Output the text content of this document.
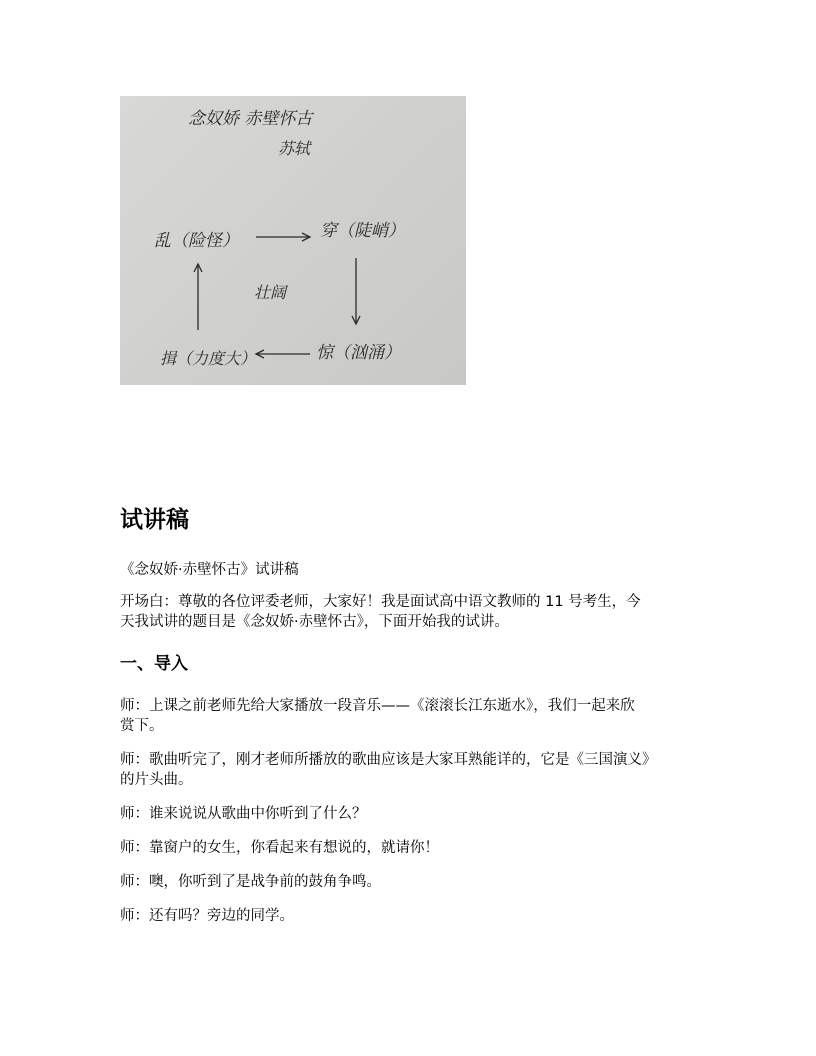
念奴娇 赤壁怀古
苏轼
乱（险怪）	穿（陡峭）
壮阔
惊（汹涌）
揖（力度大）
试讲稿

《念奴娇·赤壁怀古》试讲稿

开场白：尊敬的各位评委老师，大家好！我是面试高中语文教师的 11 号考生，今
天我试讲的题目是《念奴娇·赤壁怀古》，下面开始我的试讲。

一、导入

师：上课之前老师先给大家播放一段音乐——《滚滚长江东逝水》，我们一起来欣
赏下。

师：歌曲听完了，刚才老师所播放的歌曲应该是大家耳熟能详的，它是《三国演义》
的片头曲。

师：谁来说说从歌曲中你听到了什么？

师：靠窗户的女生，你看起来有想说的，就请你！

师：噢，你听到了是战争前的鼓角争鸣。

师：还有吗？旁边的同学。
